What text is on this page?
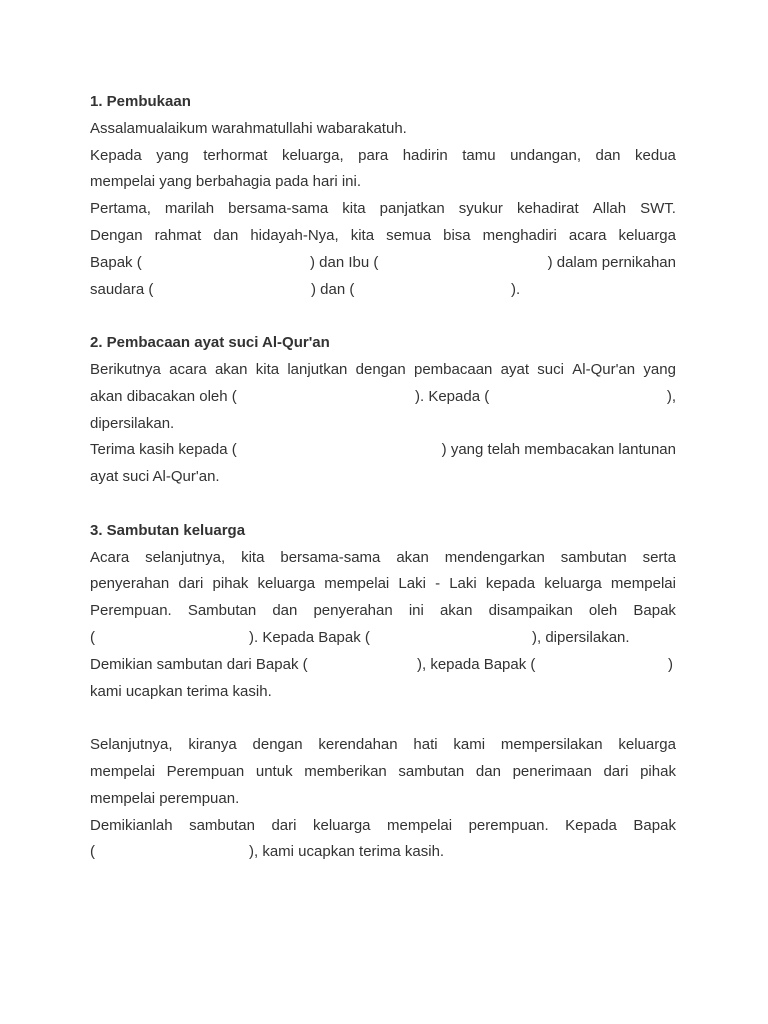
1. Pembukaan
Assalamualaikum warahmatullahi wabarakatuh.
Kepada yang terhormat keluarga, para hadirin tamu undangan, dan kedua
mempelai yang berbahagia pada hari ini.
Pertama, marilah bersama-sama kita panjatkan syukur kehadirat Allah SWT.
Dengan rahmat dan hidayah-Nya, kita semua bisa menghadiri acara keluarga
Bapak (	) dan Ibu (	) dalam pernikahan
saudara (	) dan (	).
2. Pembacaan ayat suci Al-Qur'an
Berikutnya acara akan kita lanjutkan dengan pembacaan ayat suci Al-Qur'an yang
akan dibacakan oleh (	). Kepada (	),
dipersilakan.
Terima kasih kepada (	) yang telah membacakan lantunan
ayat suci Al-Qur'an.
3. Sambutan keluarga
Acara selanjutnya, kita bersama-sama akan mendengarkan sambutan serta
penyerahan dari pihak keluarga mempelai Laki - Laki kepada keluarga mempelai
Perempuan. Sambutan dan penyerahan ini akan disampaikan oleh Bapak
(	). Kepada Bapak (	), dipersilakan.
Demikian sambutan dari Bapak (	), kepada Bapak (	)
kami ucapkan terima kasih.
Selanjutnya, kiranya dengan kerendahan hati kami mempersilakan keluarga
mempelai Perempuan untuk memberikan sambutan dan penerimaan dari pihak
mempelai perempuan.
Demikianlah sambutan dari keluarga mempelai perempuan. Kepada Bapak
(	), kami ucapkan terima kasih.
